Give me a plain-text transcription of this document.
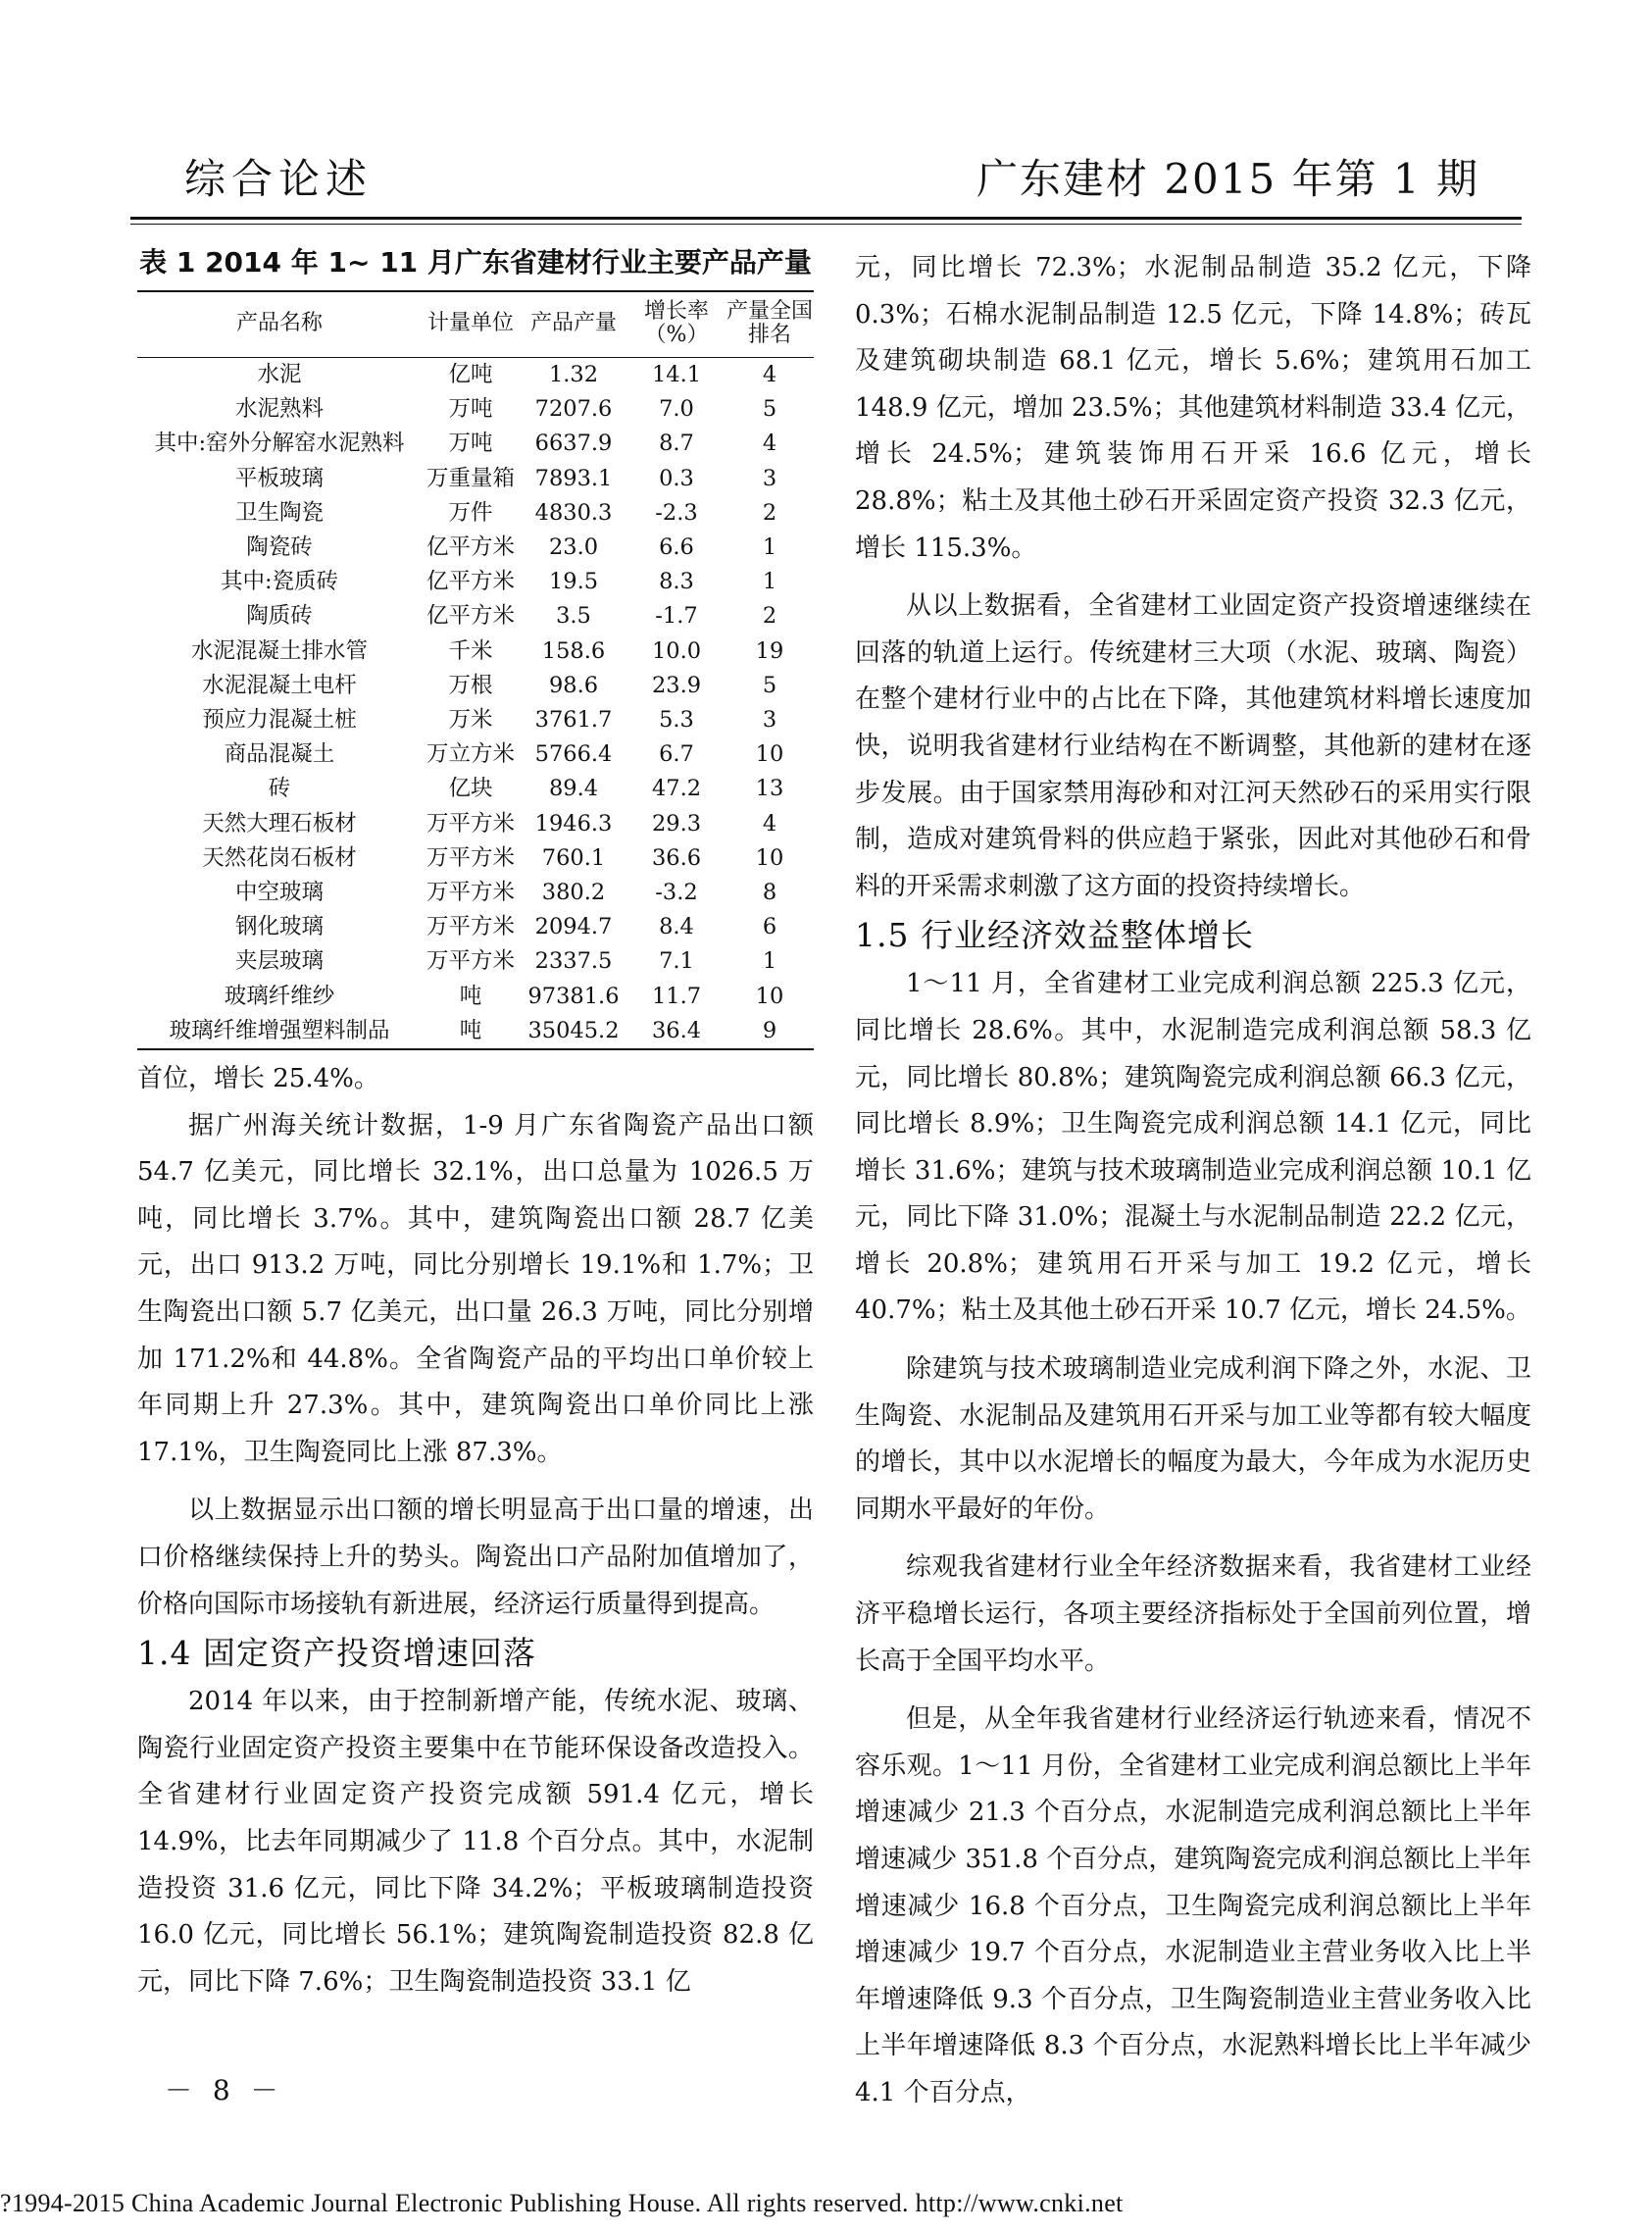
综合论述	广东建材 2015 年第 1 期
表 1 2014 年 1~ 11 月广东省建材行业主要产品产量
产品名称	计量单位	产品产量	增长率（%）	产量全国排名
水泥	亿吨	1.32	14.1	4
水泥熟料	万吨	7207.6	7.0	5
其中:窑外分解窑水泥熟料	万吨	6637.9	8.7	4
平板玻璃	万重量箱	7893.1	0.3	3
卫生陶瓷	万件	4830.3	-2.3	2
陶瓷砖	亿平方米	23.0	6.6	1
其中:瓷质砖	亿平方米	19.5	8.3	1
陶质砖	亿平方米	3.5	-1.7	2
水泥混凝土排水管	千米	158.6	10.0	19
水泥混凝土电杆	万根	98.6	23.9	5
预应力混凝土桩	万米	3761.7	5.3	3
商品混凝土	万立方米	5766.4	6.7	10
砖	亿块	89.4	47.2	13
天然大理石板材	万平方米	1946.3	29.3	4
天然花岗石板材	万平方米	760.1	36.6	10
中空玻璃	万平方米	380.2	-3.2	8
钢化玻璃	万平方米	2094.7	8.4	6
夹层玻璃	万平方米	2337.5	7.1	1
玻璃纤维纱	吨	97381.6	11.7	10
玻璃纤维增强塑料制品	吨	35045.2	36.4	9

首位，增长 25.4%。

据广州海关统计数据，1-9 月广东省陶瓷产品出口额 54.7 亿美元，同比增长 32.1%，出口总量为 1026.5 万吨，同比增长 3.7%。其中，建筑陶瓷出口额 28.7 亿美元，出口 913.2 万吨，同比分别增长 19.1%和 1.7%；卫生陶瓷出口额 5.7 亿美元，出口量 26.3 万吨，同比分别增加 171.2%和 44.8%。全省陶瓷产品的平均出口单价较上年同期上升 27.3%。其中，建筑陶瓷出口单价同比上涨 17.1%，卫生陶瓷同比上涨 87.3%。

以上数据显示出口额的增长明显高于出口量的增速，出口价格继续保持上升的势头。陶瓷出口产品附加值增加了，价格向国际市场接轨有新进展，经济运行质量得到提高。

1.4 固定资产投资增速回落

2014 年以来，由于控制新增产能，传统水泥、玻璃、陶瓷行业固定资产投资主要集中在节能环保设备改造投入。全省建材行业固定资产投资完成额 591.4 亿元，增长 14.9%，比去年同期减少了 11.8 个百分点。其中，水泥制造投资 31.6 亿元，同比下降 34.2%；平板玻璃制造投资 16.0 亿元，同比增长 56.1%；建筑陶瓷制造投资 82.8 亿元，同比下降 7.6%；卫生陶瓷制造投资 33.1 亿

元，同比增长 72.3%；水泥制品制造 35.2 亿元，下降 0.3%；石棉水泥制品制造 12.5 亿元，下降 14.8%；砖瓦及建筑砌块制造 68.1 亿元，增长 5.6%；建筑用石加工 148.9 亿元，增加 23.5%；其他建筑材料制造 33.4 亿元，增长 24.5%；建筑装饰用石开采 16.6 亿元，增长 28.8%；粘土及其他土砂石开采固定资产投资 32.3 亿元，增长 115.3%。

从以上数据看，全省建材工业固定资产投资增速继续在回落的轨道上运行。传统建材三大项（水泥、玻璃、陶瓷）在整个建材行业中的占比在下降，其他建筑材料增长速度加快，说明我省建材行业结构在不断调整，其他新的建材在逐步发展。由于国家禁用海砂和对江河天然砂石的采用实行限制，造成对建筑骨料的供应趋于紧张，因此对其他砂石和骨料的开采需求刺激了这方面的投资持续增长。

1.5 行业经济效益整体增长

1～11 月，全省建材工业完成利润总额 225.3 亿元，同比增长 28.6%。其中，水泥制造完成利润总额 58.3 亿元，同比增长 80.8%；建筑陶瓷完成利润总额 66.3 亿元，同比增长 8.9%；卫生陶瓷完成利润总额 14.1 亿元，同比增长 31.6%；建筑与技术玻璃制造业完成利润总额 10.1 亿元，同比下降 31.0%；混凝土与水泥制品制造 22.2 亿元，增长 20.8%；建筑用石开采与加工 19.2 亿元，增长 40.7%；粘土及其他土砂石开采 10.7 亿元，增长 24.5%。

除建筑与技术玻璃制造业完成利润下降之外，水泥、卫生陶瓷、水泥制品及建筑用石开采与加工业等都有较大幅度的增长，其中以水泥增长的幅度为最大，今年成为水泥历史同期水平最好的年份。

综观我省建材行业全年经济数据来看，我省建材工业经济平稳增长运行，各项主要经济指标处于全国前列位置，增长高于全国平均水平。

但是，从全年我省建材行业经济运行轨迹来看，情况不容乐观。1～11 月份，全省建材工业完成利润总额比上半年增速减少 21.3 个百分点，水泥制造完成利润总额比上半年增速减少 351.8 个百分点，建筑陶瓷完成利润总额比上半年增速减少 16.8 个百分点，卫生陶瓷完成利润总额比上半年增速减少 19.7 个百分点，水泥制造业主营业务收入比上半年增速降低 9.3 个百分点，卫生陶瓷制造业主营业务收入比上半年增速降低 8.3 个百分点，水泥熟料增长比上半年减少 4.1 个百分点，

－ 8 －
?1994-2015 China Academic Journal Electronic Publishing House. All rights reserved. http://www.cnki.net
